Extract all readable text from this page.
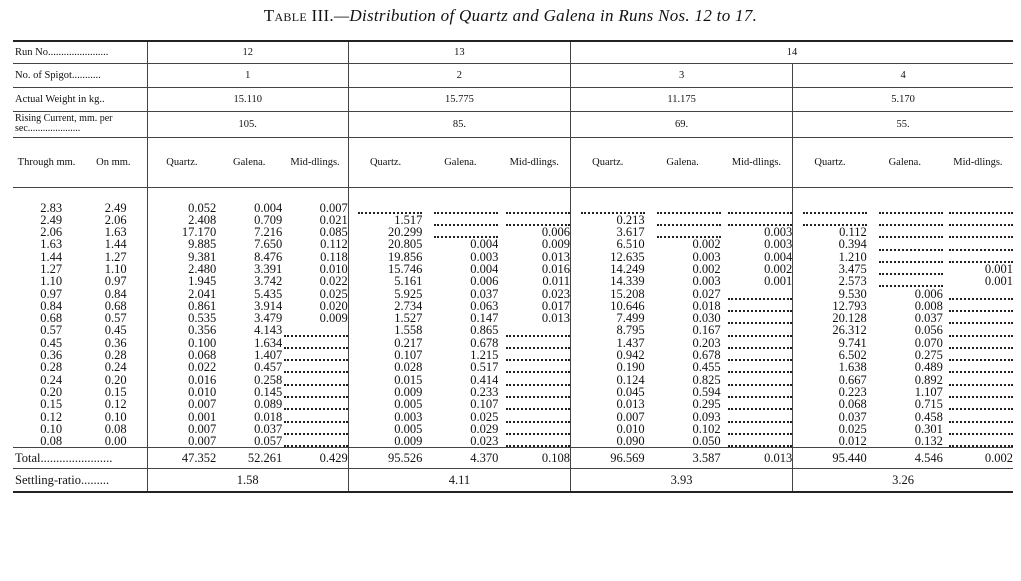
Table III.—Distribution of Quartz and Galena in Runs Nos. 12 to 17.
Run No.......................		12			13			14					
No. of Spigot...........		1			2			3			4		
Actual Weight in kg..		15.110			15.775			11.175			5.170		
Rising Current, mm. per sec.....................		105.			85.			69.			55.		
Through mm.	On mm.	Quartz.	Galena.	Mid-dlings.	Quartz.	Galena.	Mid-dlings.	Quartz.	Galena.	Mid-dlings.	Quartz.	Galena.	Mid-dlings.
2.83	2.49	0.052	0.004	0.007									
2.49	2.06	2.408	0.709	0.021	1.517			0.213					
2.06	1.63	17.170	7.216	0.085	20.299		0.006	3.617		0.003	0.112		
1.63	1.44	9.885	7.650	0.112	20.805	0.004	0.009	6.510	0.002	0.003	0.394		
1.44	1.27	9.381	8.476	0.118	19.856	0.003	0.013	12.635	0.003	0.004	1.210		
1.27	1.10	2.480	3.391	0.010	15.746	0.004	0.016	14.249	0.002	0.002	3.475		0.001
1.10	0.97	1.945	3.742	0.022	5.161	0.006	0.011	14.339	0.003	0.001	2.573		0.001
0.97	0.84	2.041	5.435	0.025	5.925	0.037	0.023	15.208	0.027		9.530	0.006	
0.84	0.68	0.861	3.914	0.020	2.734	0.063	0.017	10.646	0.018		12.793	0.008	
0.68	0.57	0.535	3.479	0.009	1.527	0.147	0.013	7.499	0.030		20.128	0.037	
0.57	0.45	0.356	4.143		1.558	0.865		8.795	0.167		26.312	0.056	
0.45	0.36	0.100	1.634		0.217	0.678		1.437	0.203		9.741	0.070	
0.36	0.28	0.068	1.407		0.107	1.215		0.942	0.678		6.502	0.275	
0.28	0.24	0.022	0.457		0.028	0.517		0.190	0.455		1.638	0.489	
0.24	0.20	0.016	0.258		0.015	0.414		0.124	0.825		0.667	0.892	
0.20	0.15	0.010	0.145		0.009	0.233		0.045	0.594		0.223	1.107	
0.15	0.12	0.007	0.089		0.005	0.107		0.013	0.295		0.068	0.715	
0.12	0.10	0.001	0.018		0.003	0.025		0.007	0.093		0.037	0.458	
0.10	0.08	0.007	0.037		0.005	0.029		0.010	0.102		0.025	0.301	
0.08	0.00	0.007	0.057		0.009	0.023		0.090	0.050		0.012	0.132	
Total.......................		47.352	52.261	0.429	95.526	4.370	0.108	96.569	3.587	0.013	95.440	4.546	0.002
Settling-ratio.........		1.58			4.11			3.93			3.26		
